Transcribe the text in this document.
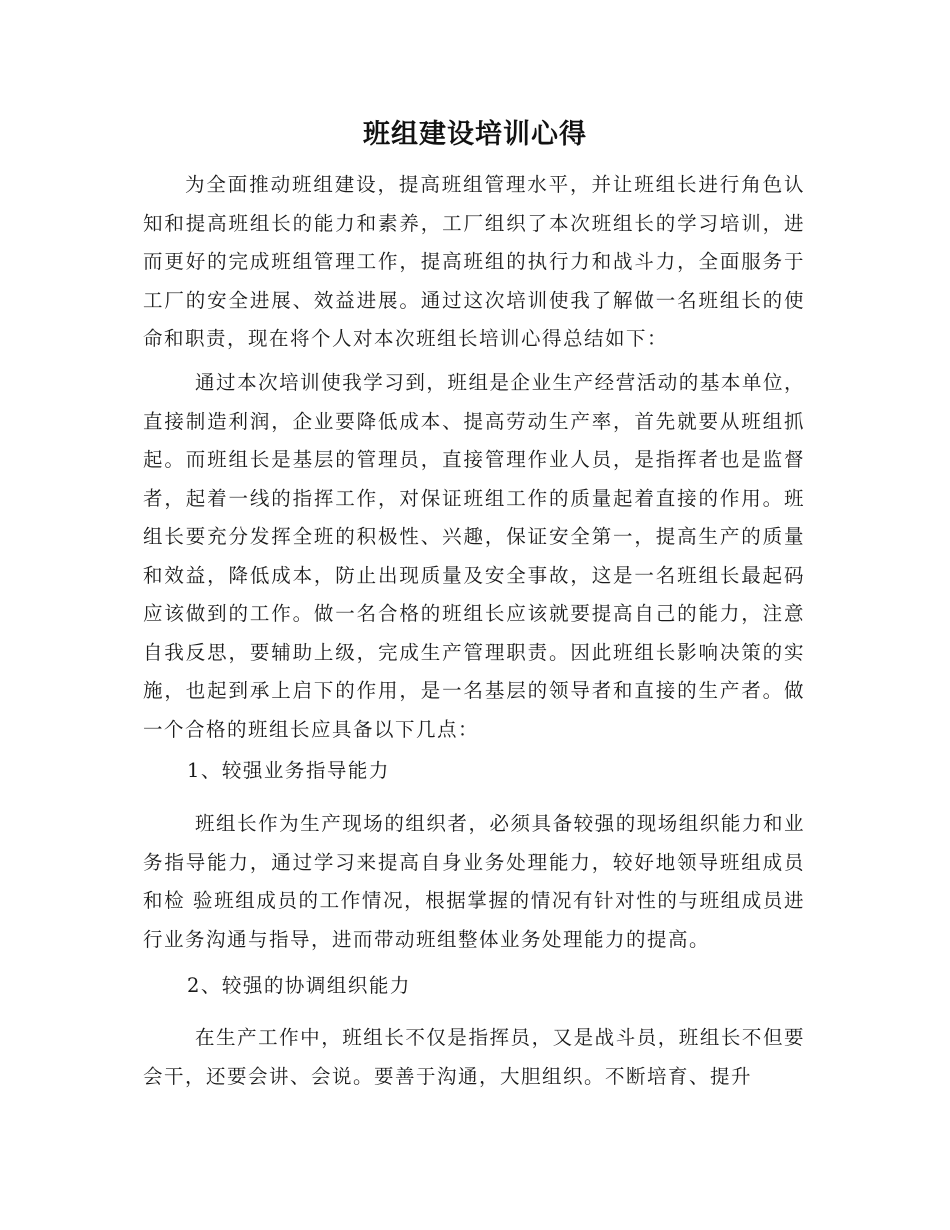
班组建设培训心得

为全面推动班组建设，提高班组管理水平，并让班组长进行角色认知和提高班组长的能力和素养，工厂组织了本次班组长的学习培训，进而更好的完成班组管理工作，提高班组的执行力和战斗力，全面服务于工厂的安全进展、效益进展。通过这次培训使我了解做一名班组长的使命和职责，现在将个人对本次班组长培训心得总结如下：

通过本次培训使我学习到，班组是企业生产经营活动的基本单位，直接制造利润，企业要降低成本、提高劳动生产率，首先就要从班组抓起。而班组长是基层的管理员，直接管理作业人员，是指挥者也是监督者，起着一线的指挥工作，对保证班组工作的质量起着直接的作用。班组长要充分发挥全班的积极性、兴趣，保证安全第一，提高生产的质量和效益，降低成本，防止出现质量及安全事故，这是一名班组长最起码应该做到的工作。做一名合格的班组长应该就要提高自己的能力，注意自我反思，要辅助上级，完成生产管理职责。因此班组长影响决策的实施，也起到承上启下的作用，是一名基层的领导者和直接的生产者。做一个合格的班组长应具备以下几点：

1、较强业务指导能力

班组长作为生产现场的组织者，必须具备较强的现场组织能力和业务指导能力，通过学习来提高自身业务处理能力，较好地领导班组成员和检 验班组成员的工作情况，根据掌握的情况有针对性的与班组成员进行业务沟通与指导，进而带动班组整体业务处理能力的提高。

2、较强的协调组织能力

在生产工作中，班组长不仅是指挥员，又是战斗员，班组长不但要会干，还要会讲、会说。要善于沟通，大胆组织。不断培育、提升
